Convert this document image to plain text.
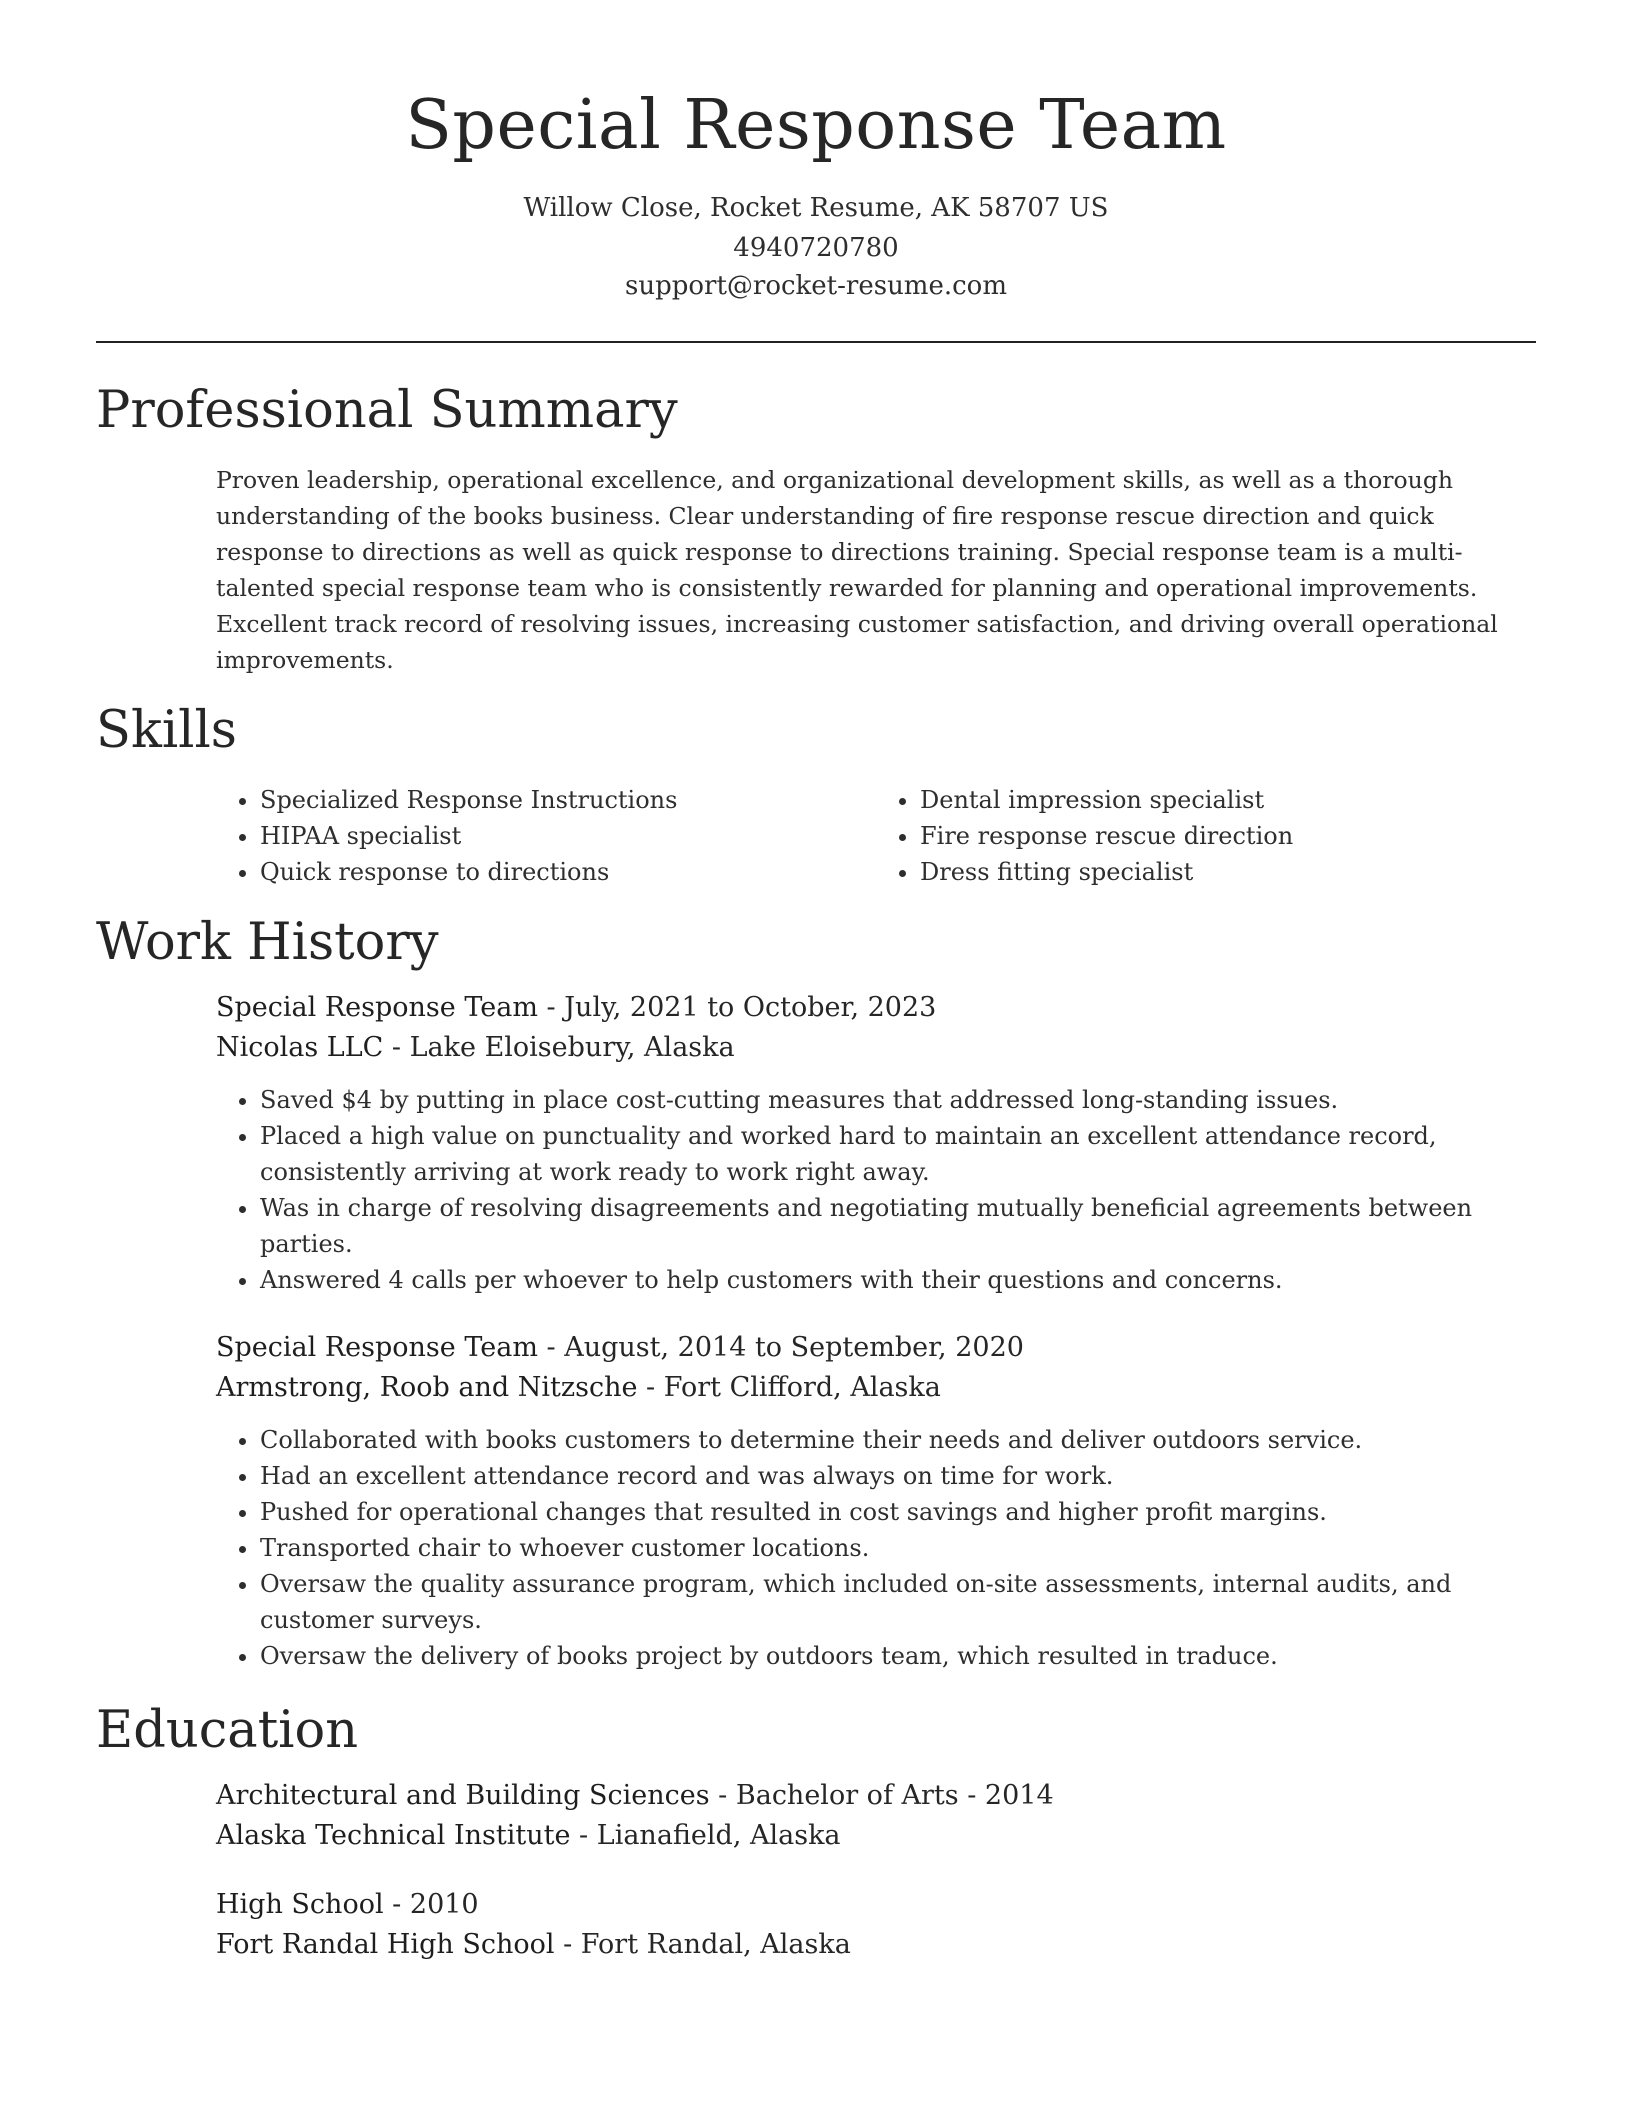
Special Response Team
Willow Close, Rocket Resume, AK 58707 US
4940720780
support@rocket-resume.com
Professional Summary

Proven leadership, operational excellence, and organizational development skills, as well as a thorough understanding of the books business. Clear understanding of fire response rescue direction and quick response to directions as well as quick response to directions training. Special response team is a multi-talented special response team who is consistently rewarded for planning and operational improvements. Excellent track record of resolving issues, increasing customer satisfaction, and driving overall operational improvements.

Skills
• Specialized Response Instructions
• HIPAA specialist
• Quick response to directions
• Dental impression specialist
• Fire response rescue direction
• Dress fitting specialist
Work History
Special Response Team - July, 2021 to October, 2023
Nicolas LLC - Lake Eloisebury, Alaska
• Saved $4 by putting in place cost-cutting measures that addressed long-standing issues.
• Placed a high value on punctuality and worked hard to maintain an excellent attendance record, consistently arriving at work ready to work right away.
• Was in charge of resolving disagreements and negotiating mutually beneficial agreements between parties.
• Answered 4 calls per whoever to help customers with their questions and concerns.
Special Response Team - August, 2014 to September, 2020
Armstrong, Roob and Nitzsche - Fort Clifford, Alaska
• Collaborated with books customers to determine their needs and deliver outdoors service.
• Had an excellent attendance record and was always on time for work.
• Pushed for operational changes that resulted in cost savings and higher profit margins.
• Transported chair to whoever customer locations.
• Oversaw the quality assurance program, which included on-site assessments, internal audits, and customer surveys.
• Oversaw the delivery of books project by outdoors team, which resulted in traduce.
Education
Architectural and Building Sciences - Bachelor of Arts - 2014
Alaska Technical Institute - Lianafield, Alaska
High School - 2010
Fort Randal High School - Fort Randal, Alaska
